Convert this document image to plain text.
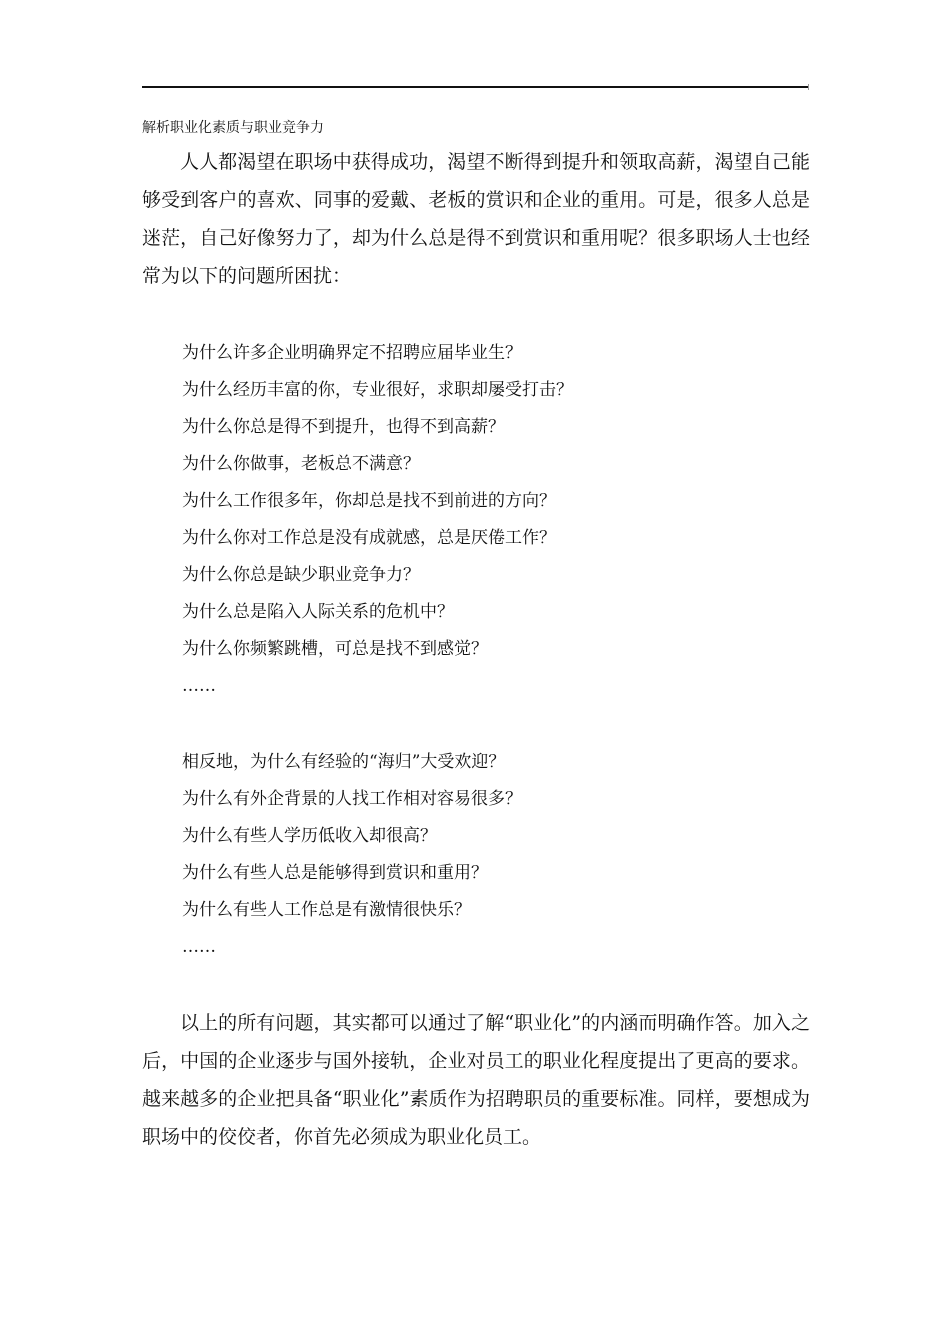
解析职业化素质与职业竞争力

人人都渴望在职场中获得成功，渴望不断得到提升和领取高薪，渴望自己能够受到客户的喜欢、同事的爱戴、老板的赏识和企业的重用。可是，很多人总是迷茫，自己好像努力了，却为什么总是得不到赏识和重用呢？很多职场人士也经常为以下的问题所困扰：

为什么许多企业明确界定不招聘应届毕业生？
为什么经历丰富的你，专业很好，求职却屡受打击？
为什么你总是得不到提升，也得不到高薪？
为什么你做事，老板总不满意？
为什么工作很多年，你却总是找不到前进的方向？
为什么你对工作总是没有成就感，总是厌倦工作？
为什么你总是缺少职业竞争力？
为什么总是陷入人际关系的危机中？
为什么你频繁跳槽，可总是找不到感觉？
……
相反地，为什么有经验的“海归”大受欢迎？
为什么有外企背景的人找工作相对容易很多？
为什么有些人学历低收入却很高？
为什么有些人总是能够得到赏识和重用？
为什么有些人工作总是有激情很快乐？
……

以上的所有问题，其实都可以通过了解“职业化”的内涵而明确作答。加入之后，中国的企业逐步与国外接轨，企业对员工的职业化程度提出了更高的要求。越来越多的企业把具备“职业化”素质作为招聘职员的重要标准。同样，要想成为职场中的佼佼者，你首先必须成为职业化员工。
